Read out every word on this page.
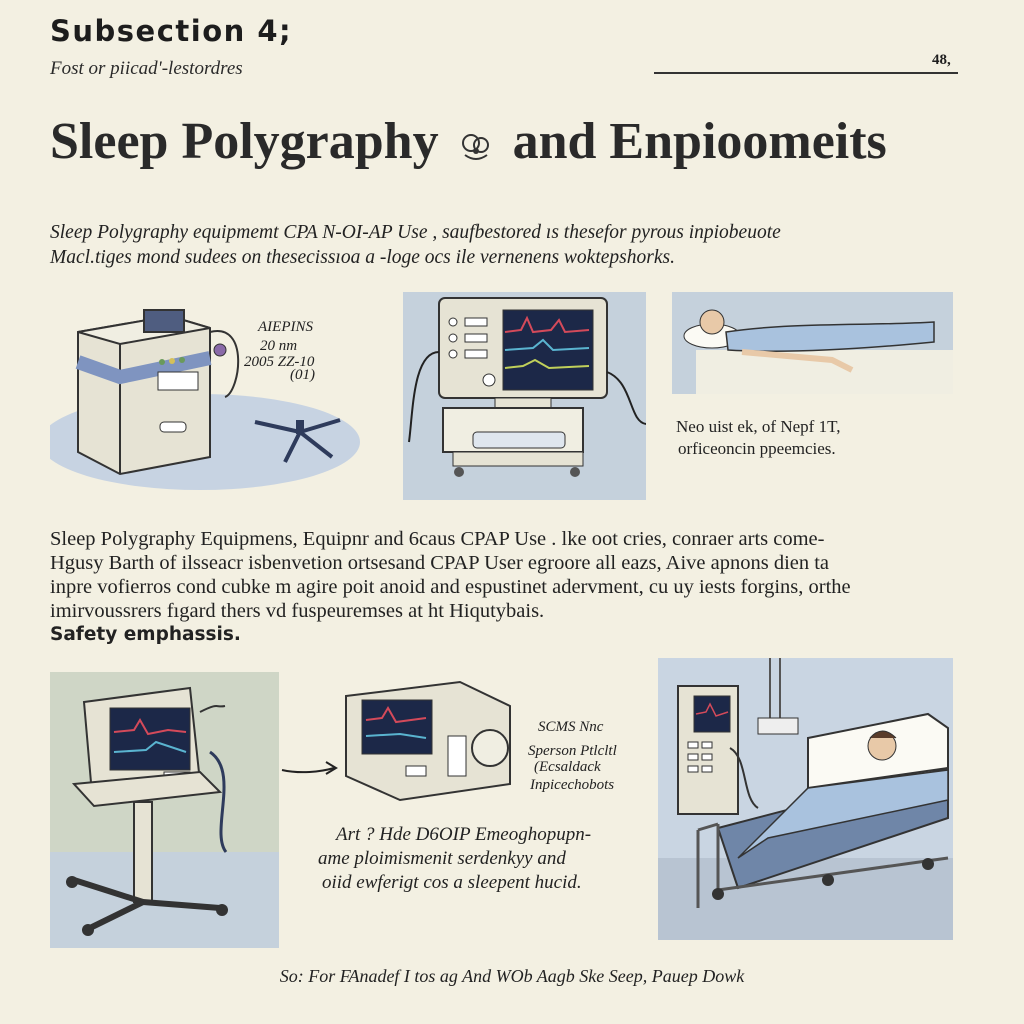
Subsection 4;
Fost or piicad'‑lestordres	48,
Sleep Polygraphy and Enpioomeits
Sleep Polygraphy equipmemt CPA N‑OI‑AP Use , saufbestored ıs thesefor pyrous inpiobeuote
Macl.tiges mond sudees on thesecissıoa a ‑loge ocs ile vernenens woktepshorks.
AIEPINS
20 nm
2005 ZZ‑10
(01)
Neo uist ek, of Nepf 1T,
orficeoncin ppeemcies.
Sleep Polygraphy Equipmens, Equipnr and 6caus CPAP Use . lke oot cries, conraer arts come-
Hgusy Barth of ilsseacr isbenvetion ortsesand CPAP User egroore all eazs, Aive apnons dien ta
inpre vofierros cond cubke m agire poit anoid and espustinet adervment, cu uy iests forgins, orthe
imirvoussrers fıgard thers vd fuspeuremses at ht Hiqutybais.
Safety emphassis.
SCMS Nnc
Sperson Ptlcltl
(Ecsaldack
Inpicechobots
Art ? Hde D6OIP Emeoghopupn-
ame ploimismenit serdenkyy and
oiid ewferigt cos a sleepent hucid.
So: For FAnadef I tos ag And WOb Aagb Ske Seep, Pauep Dowk
